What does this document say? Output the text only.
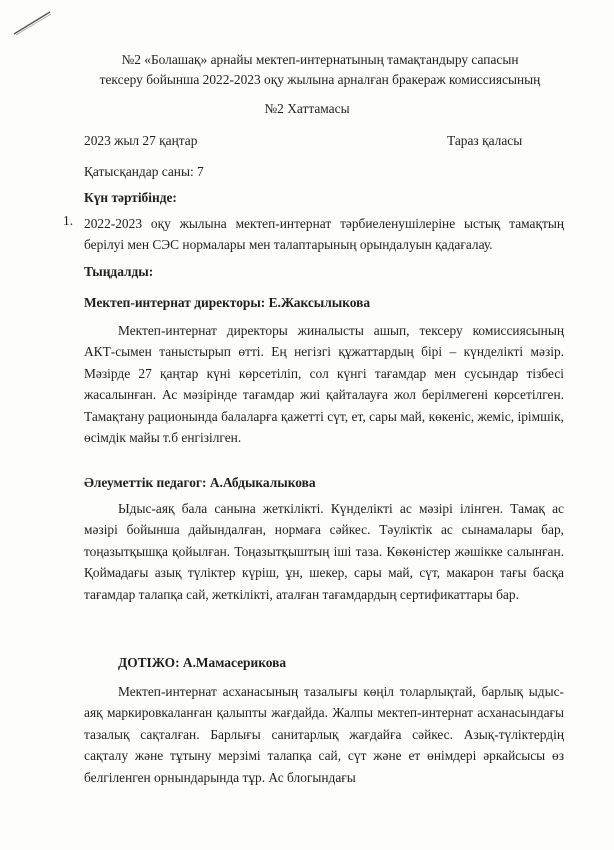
№2 «Болашақ» арнайы мектеп-интернатының тамақтандыру сапасын
тексеру бойынша 2022-2023 оқу жылына арналған бракераж комиссиясының
№2 Хаттамасы
2023 жыл 27 қаңтар	Тараз қаласы
Қатысқандар саны: 7
Күн тәртібінде:
1. 2022-2023 оқу жылына мектеп-интернат тәрбиеленушілеріне ыстық тамақтың берілуі мен СЭС нормалары мен талаптарының орындалуын қадағалау.
Тыңдалды:
Мектеп-интернат директоры: Е.Жаксылыкова
Мектеп-интернат директоры жиналысты ашып, тексеру комиссиясының АКТ-сымен таныстырып өтті. Ең негізгі құжаттардың бірі – күнделікті мәзір. Мәзірде 27 қаңтар күні көрсетіліп, сол күнгі тағамдар мен сусындар тізбесі жасалынған. Ас мәзірінде тағамдар жиі қайталауға жол берілмегені көрсетілген. Тамақтану рационында балаларға қажетті сүт, ет, сары май, көкеніс, жеміс, ірімшік, өсімдік майы т.б енгізілген.
Әлеуметтік педагог: А.Абдыкалыкова
Ыдыс-аяқ бала санына жеткілікті. Күнделікті ас мәзірі ілінген. Тамақ ас мәзірі бойынша дайындалған, нормаға сәйкес. Тәуліктік ас сынамалары бар, тоңазытқышқа қойылған. Тоңазытқыштың іші таза. Көкөністер жәшікке салынған. Қоймадағы азық түліктер күріш, ұн, шекер, сары май, сүт, макарон тағы басқа тағамдар талапқа сай, жеткілікті, аталған тағамдардың сертификаттары бар.
ДОТІЖО: А.Мамасерикова
Мектеп-интернат асханасының тазалығы көңіл толарлықтай, барлық ыдыс-аяқ маркировкаланған қалыпты жағдайда. Жалпы мектеп-интернат асханасындағы тазалық сақталған. Барлығы санитарлық жағдайға сәйкес. Азық-түліктердің сақталу және тұтыну мерзімі талапқа сай, сүт және ет өнімдері әркайсысы өз белгіленген орнындарында тұр. Ас блогындағы
